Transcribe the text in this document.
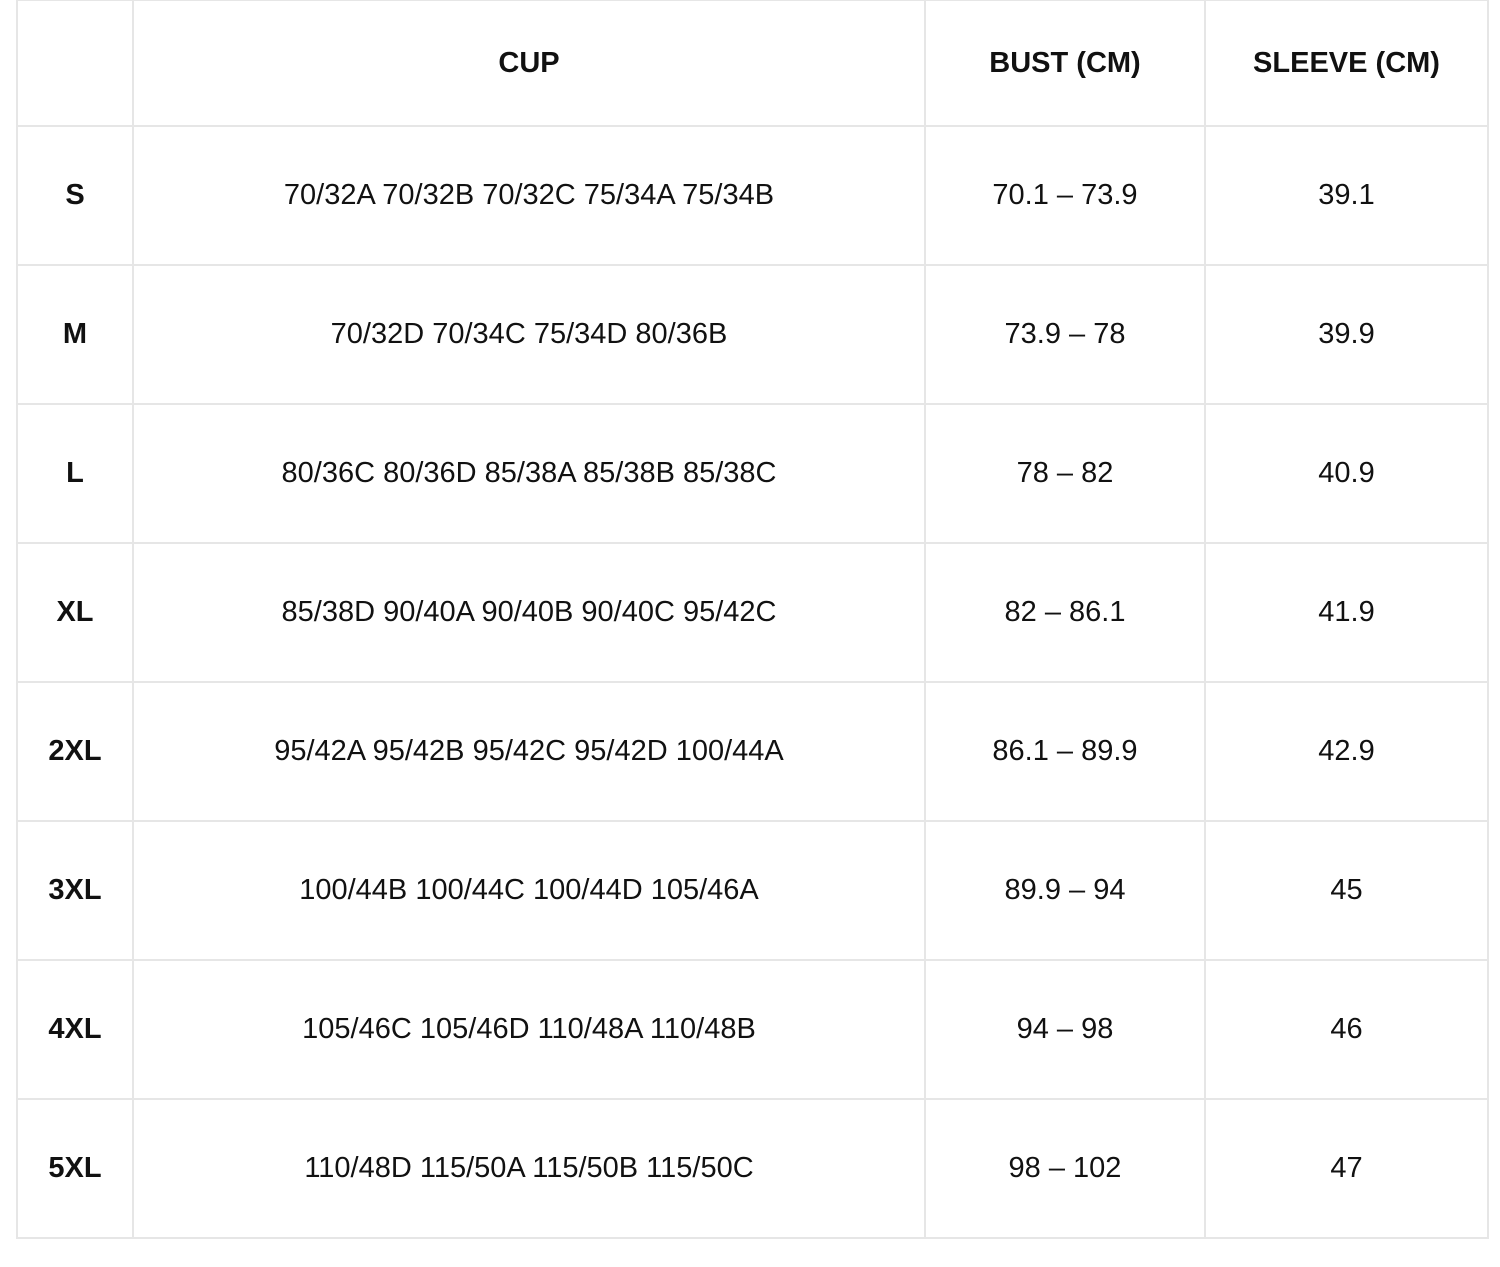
	CUP	BUST (CM)	SLEEVE (CM)
S	70/32A 70/32B 70/32C 75/34A 75/34B	70.1 – 73.9	39.1
M	70/32D 70/34C 75/34D 80/36B	73.9 – 78	39.9
L	80/36C 80/36D 85/38A 85/38B 85/38C	78 – 82	40.9
XL	85/38D 90/40A 90/40B 90/40C 95/42C	82 – 86.1	41.9
2XL	95/42A 95/42B 95/42C 95/42D 100/44A	86.1 – 89.9	42.9
3XL	100/44B 100/44C 100/44D 105/46A	89.9 – 94	45
4XL	105/46C 105/46D 110/48A 110/48B	94 – 98	46
5XL	110/48D 115/50A 115/50B 115/50C	98 – 102	47
